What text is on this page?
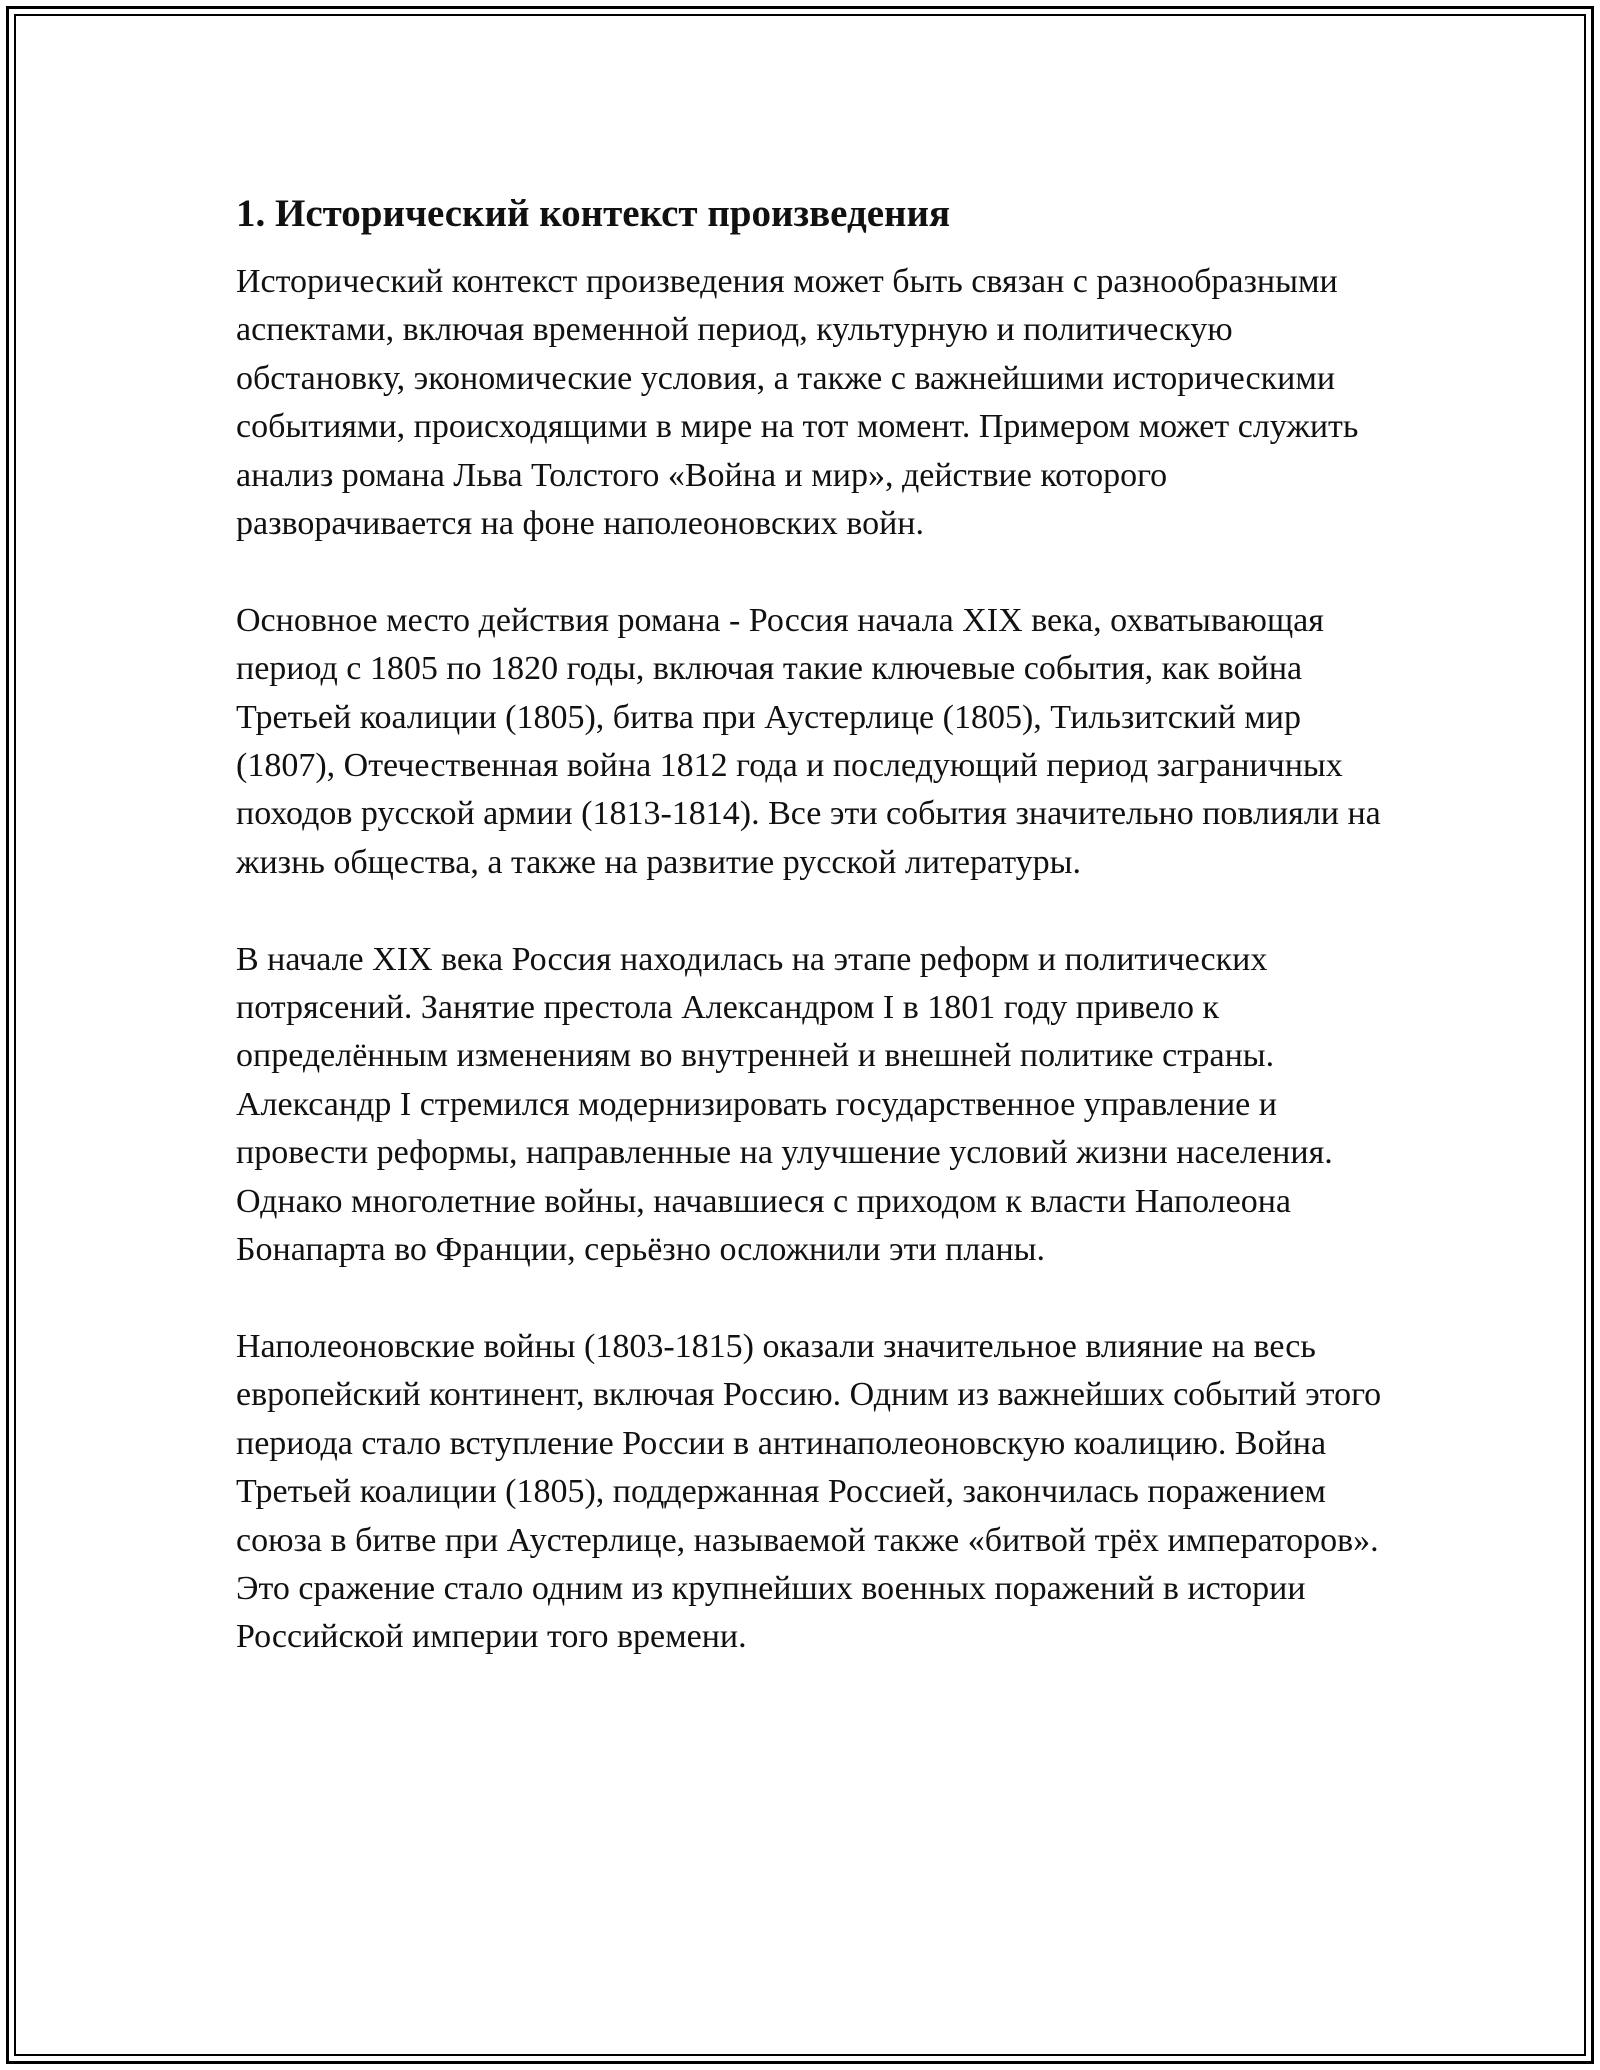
1. Исторический контекст произведения

Исторический контекст произведения может быть связан с разнообразными аспектами, включая временной период, культурную и политическую обстановку, экономические условия, а также с важнейшими историческими событиями, происходящими в мире на тот момент. Примером может служить анализ романа Льва Толстого «Война и мир», действие которого разворачивается на фоне наполеоновских войн.

Основное место действия романа - Россия начала XIX века, охватывающая период с 1805 по 1820 годы, включая такие ключевые события, как война Третьей коалиции (1805), битва при Аустерлице (1805), Тильзитский мир (1807), Отечественная война 1812 года и последующий период заграничных походов русской армии (1813-1814). Все эти события значительно повлияли на жизнь общества, а также на развитие русской литературы.

В начале XIX века Россия находилась на этапе реформ и политических потрясений. Занятие престола Александром I в 1801 году привело к определённым изменениям во внутренней и внешней политике страны. Александр I стремился модернизировать государственное управление и провести реформы, направленные на улучшение условий жизни населения. Однако многолетние войны, начавшиеся с приходом к власти Наполеона Бонапарта во Франции, серьёзно осложнили эти планы.

Наполеоновские войны (1803-1815) оказали значительное влияние на весь европейский континент, включая Россию. Одним из важнейших событий этого периода стало вступление России в антинаполеоновскую коалицию. Война Третьей коалиции (1805), поддержанная Россией, закончилась поражением союза в битве при Аустерлице, называемой также «битвой трёх императоров». Это сражение стало одним из крупнейших военных поражений в истории Российской империи того времени.
